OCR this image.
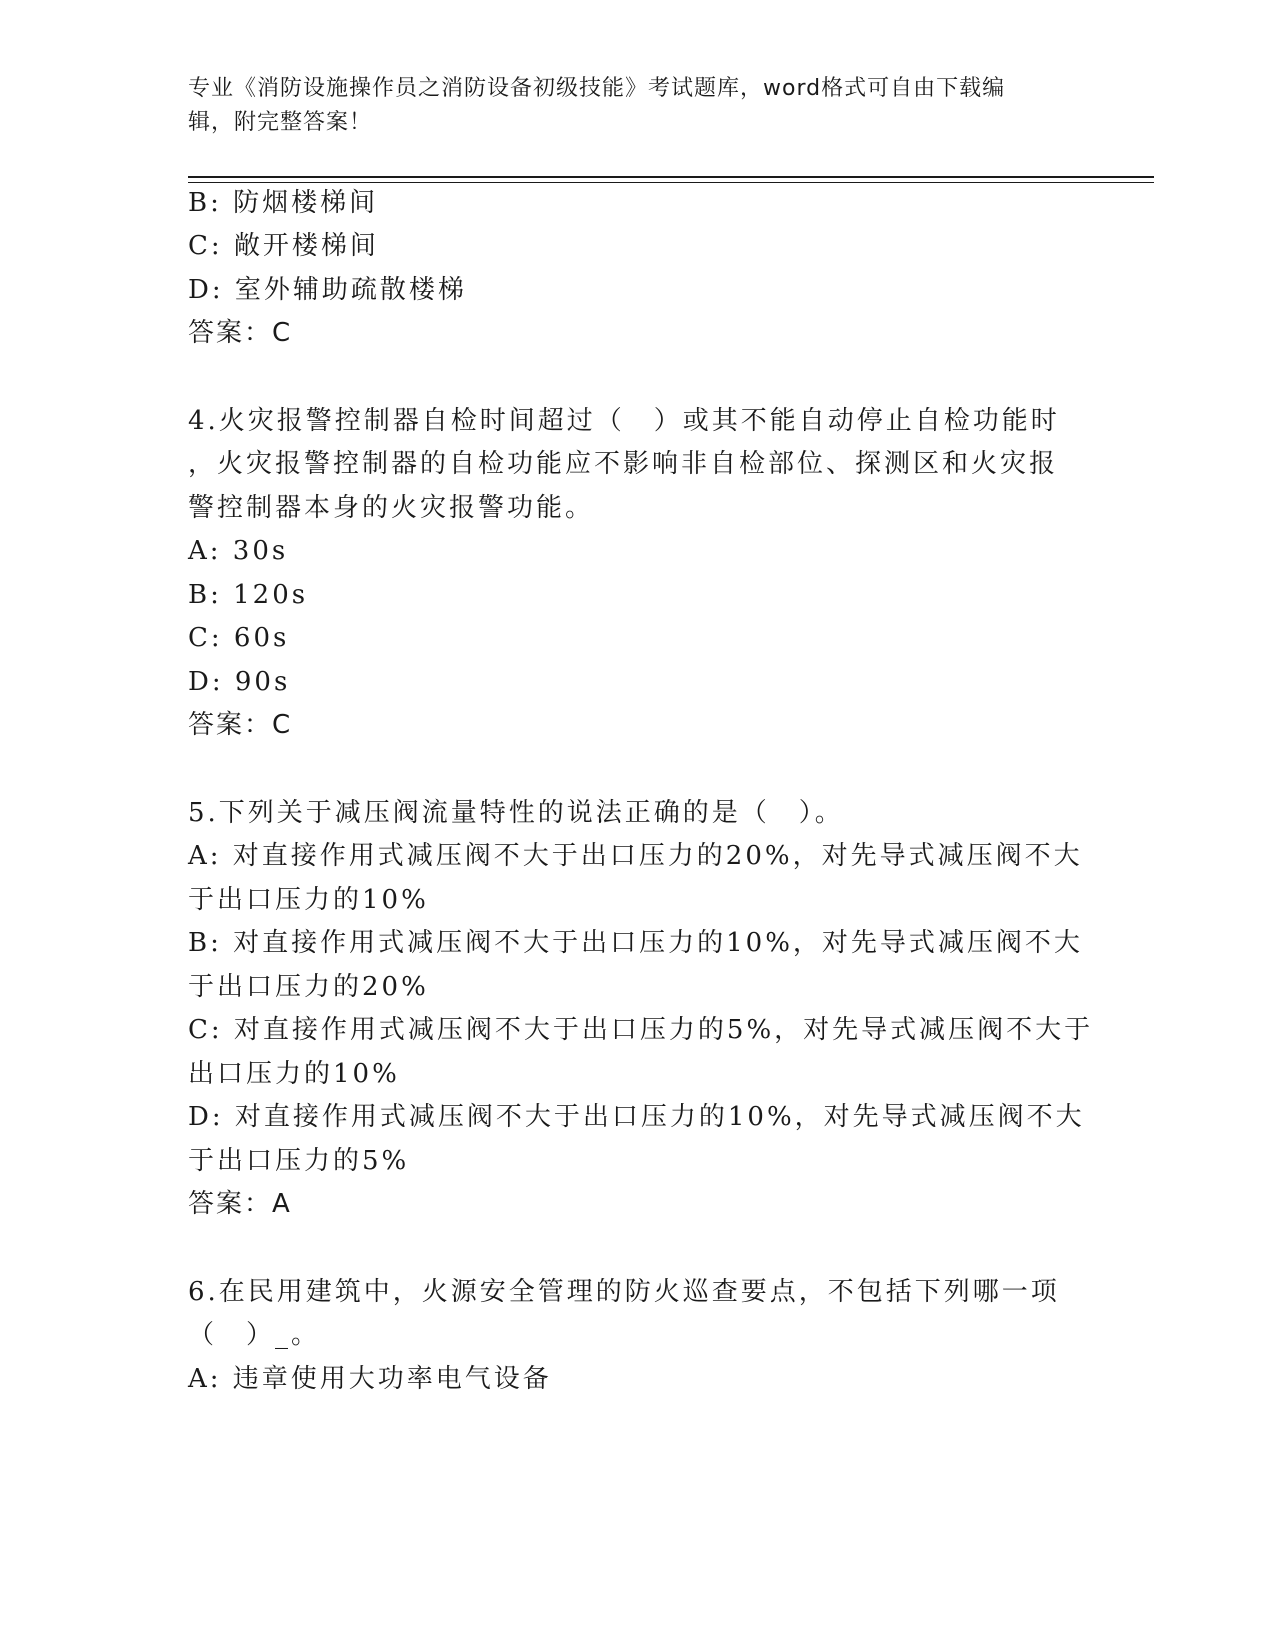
专业《消防设施操作员之消防设备初级技能》考试题库，word格式可自由下载编
辑，附完整答案！
B: 防烟楼梯间
C: 敞开楼梯间
D: 室外辅助疏散楼梯
答案：C
4.火灾报警控制器自检时间超过（　）或其不能自动停止自检功能时
，火灾报警控制器的自检功能应不影响非自检部位、探测区和火灾报
警控制器本身的火灾报警功能。
A: 30s
B: 120s
C: 60s
D: 90s
答案：C
5.下列关于减压阀流量特性的说法正确的是（　）。
A: 对直接作用式减压阀不大于出口压力的20%，对先导式减压阀不大
于出口压力的10%
B: 对直接作用式减压阀不大于出口压力的10%，对先导式减压阀不大
于出口压力的20%
C: 对直接作用式减压阀不大于出口压力的5%，对先导式减压阀不大于
出口压力的10%
D: 对直接作用式减压阀不大于出口压力的10%，对先导式减压阀不大
于出口压力的5%
答案：A
6.在民用建筑中，火源安全管理的防火巡查要点，不包括下列哪一项
（　）_。
A: 违章使用大功率电气设备
